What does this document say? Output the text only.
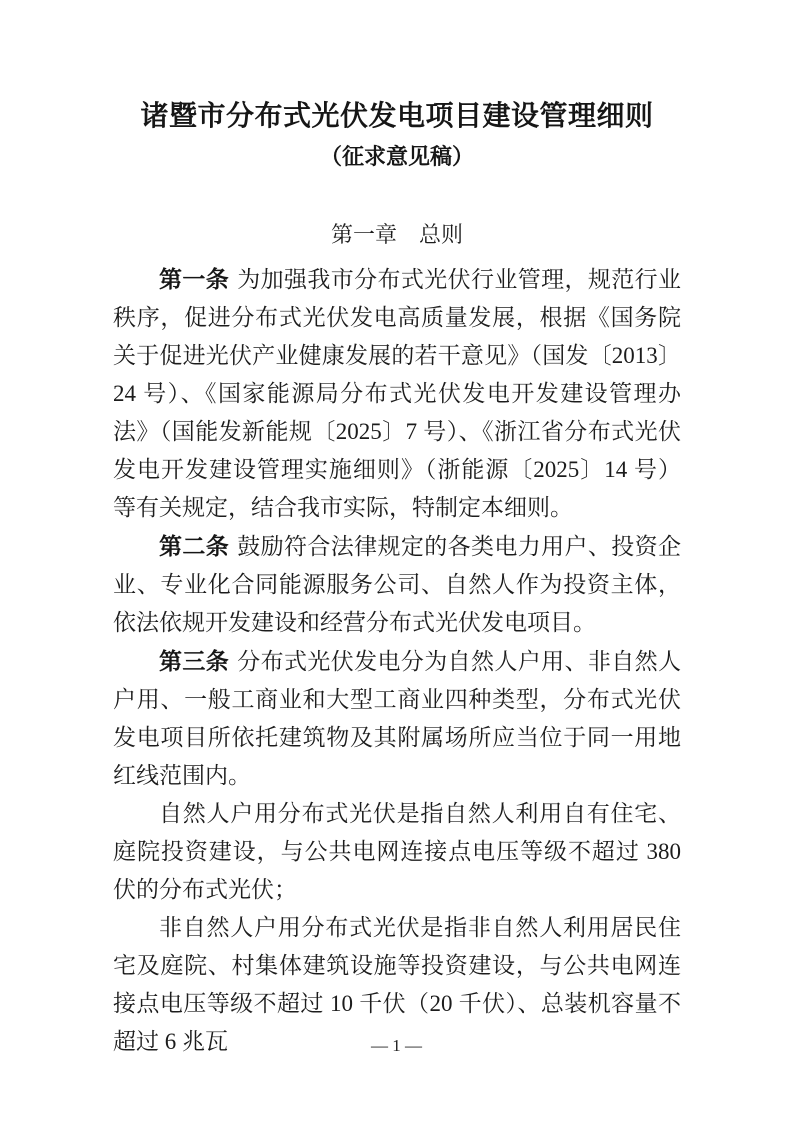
诸暨市分布式光伏发电项目建设管理细则
（征求意见稿）
第一章　总则

第一条 为加强我市分布式光伏行业管理，规范行业秩序，促进分布式光伏发电高质量发展，根据《国务院关于促进光伏产业健康发展的若干意见》（国发〔2013〕24 号）、《国家能源局分布式光伏发电开发建设管理办法》（国能发新能规〔2025〕7 号）、《浙江省分布式光伏发电开发建设管理实施细则》（浙能源〔2025〕14 号）等有关规定，结合我市实际，特制定本细则。

第二条 鼓励符合法律规定的各类电力用户、投资企业、专业化合同能源服务公司、自然人作为投资主体，依法依规开发建设和经营分布式光伏发电项目。

第三条 分布式光伏发电分为自然人户用、非自然人户用、一般工商业和大型工商业四种类型，分布式光伏发电项目所依托建筑物及其附属场所应当位于同一用地红线范围内。

自然人户用分布式光伏是指自然人利用自有住宅、庭院投资建设，与公共电网连接点电压等级不超过 380 伏的分布式光伏；

非自然人户用分布式光伏是指非自然人利用居民住宅及庭院、村集体建筑设施等投资建设，与公共电网连接点电压等级不超过 10 千伏（20 千伏）、总装机容量不超过 6 兆瓦	— 1 —
